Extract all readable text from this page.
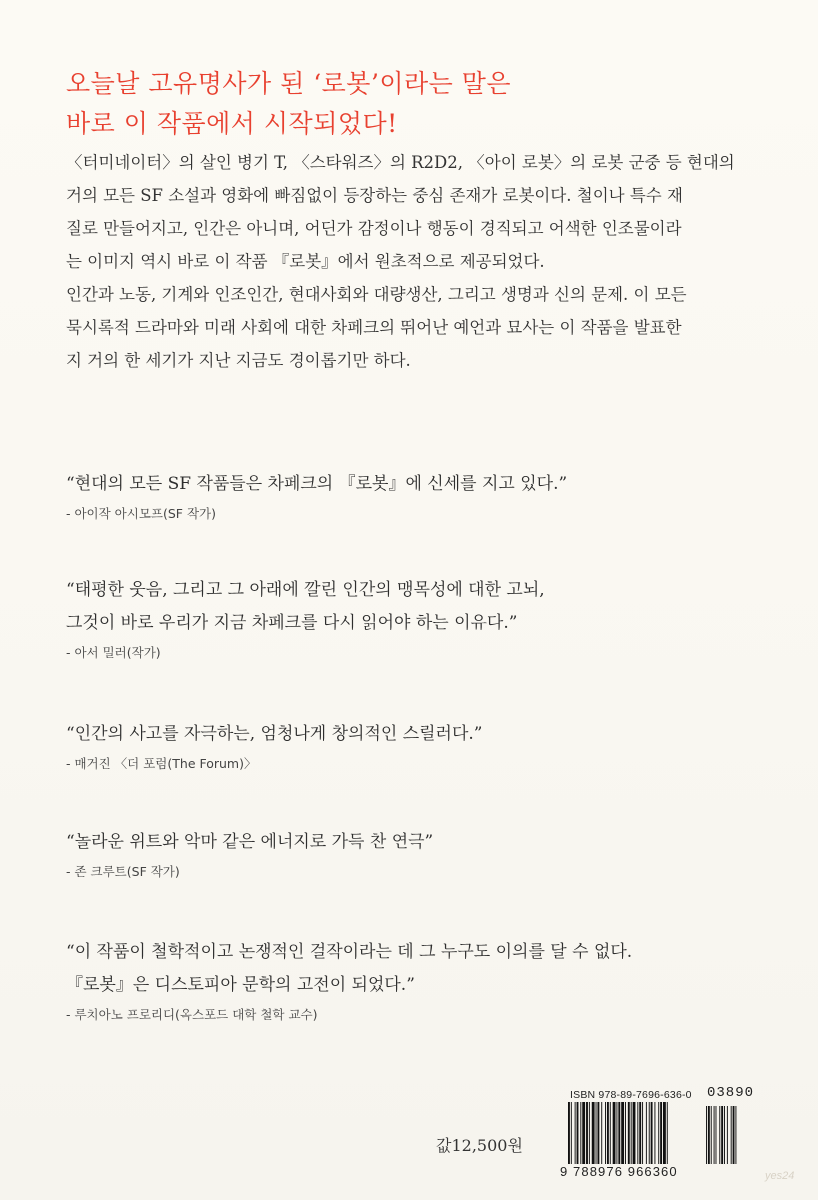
오늘날 고유명사가 된 ‘로봇’이라는 말은
바로 이 작품에서 시작되었다!
〈터미네이터〉의 살인 병기 T, 〈스타워즈〉의 R2D2, 〈아이 로봇〉의 로봇 군중 등 현대의
거의 모든 SF 소설과 영화에 빠짐없이 등장하는 중심 존재가 로봇이다. 철이나 특수 재
질로 만들어지고, 인간은 아니며, 어딘가 감정이나 행동이 경직되고 어색한 인조물이라
는 이미지 역시 바로 이 작품 『로봇』에서 원초적으로 제공되었다.
인간과 노동, 기계와 인조인간, 현대사회와 대량생산, 그리고 생명과 신의 문제. 이 모든
묵시록적 드라마와 미래 사회에 대한 차페크의 뛰어난 예언과 묘사는 이 작품을 발표한
지 거의 한 세기가 지난 지금도 경이롭기만 하다.
“현대의 모든 SF 작품들은 차페크의 『로봇』에 신세를 지고 있다.”
- 아이작 아시모프(SF 작가)
“태평한 웃음, 그리고 그 아래에 깔린 인간의 맹목성에 대한 고뇌,
그것이 바로 우리가 지금 차페크를 다시 읽어야 하는 이유다.”
- 아서 밀러(작가)
“인간의 사고를 자극하는, 엄청나게 창의적인 스릴러다.”
- 매거진 〈더 포럼(The Forum)〉
“놀라운 위트와 악마 같은 에너지로 가득 찬 연극”
- 존 크루트(SF 작가)
“이 작품이 철학적이고 논쟁적인 걸작이라는 데 그 누구도 이의를 달 수 없다.
『로봇』은 디스토피아 문학의 고전이 되었다.”
- 루치아노 프로리디(옥스포드 대학 철학 교수)
값12,500원
ISBN 978-89-7696-636-0 03890
9 788976 966360	yes24
